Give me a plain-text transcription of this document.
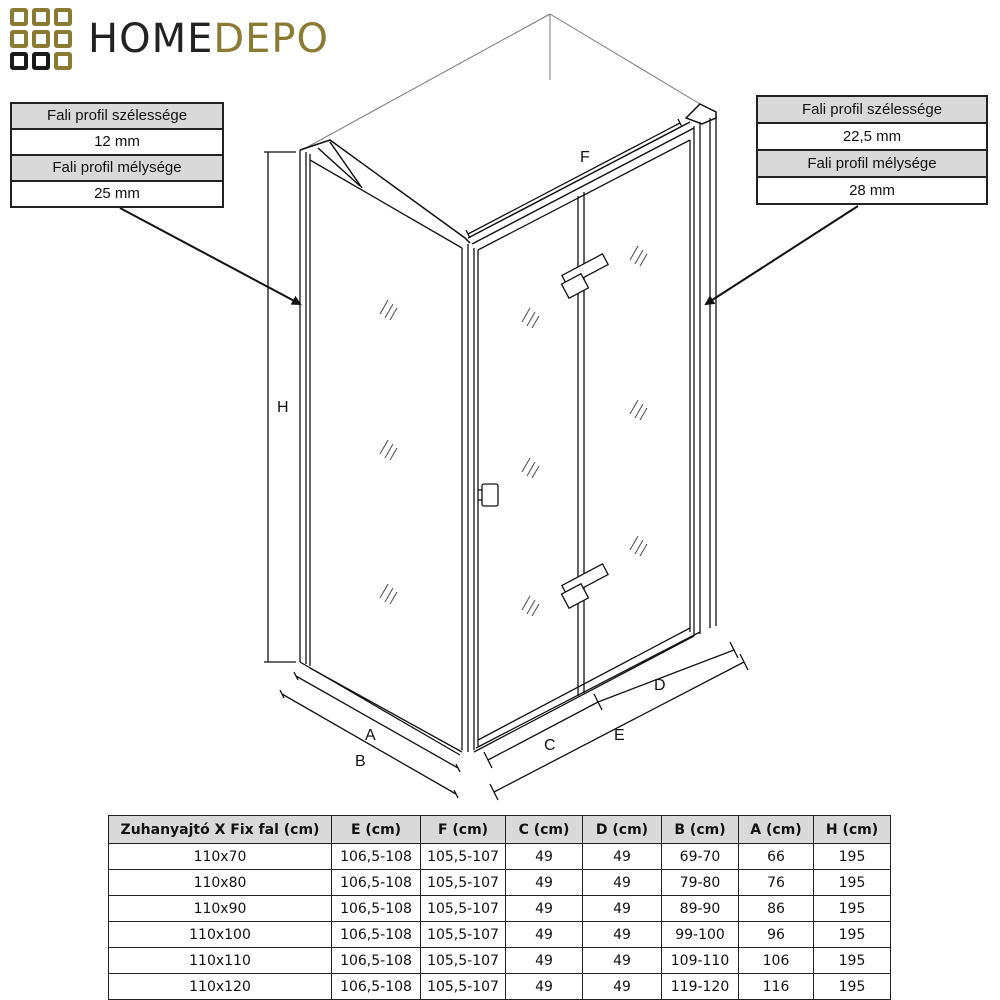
HOMEDEPO
F
H
A
B
C
D
E
Fali profil szélessége
12 mm
Fali profil mélysége
25 mm
Fali profil szélessége
22,5 mm
Fali profil mélysége
28 mm
Zuhanyajtó X Fix fal (cm)	E (cm)	F (cm)	C (cm)	D (cm)	B (cm)	A (cm)	H (cm)
110x70	106,5-108	105,5-107	49	49	69-70	66	195
110x80	106,5-108	105,5-107	49	49	79-80	76	195
110x90	106,5-108	105,5-107	49	49	89-90	86	195
110x100	106,5-108	105,5-107	49	49	99-100	96	195
110x110	106,5-108	105,5-107	49	49	109-110	106	195
110x120	106,5-108	105,5-107	49	49	119-120	116	195
